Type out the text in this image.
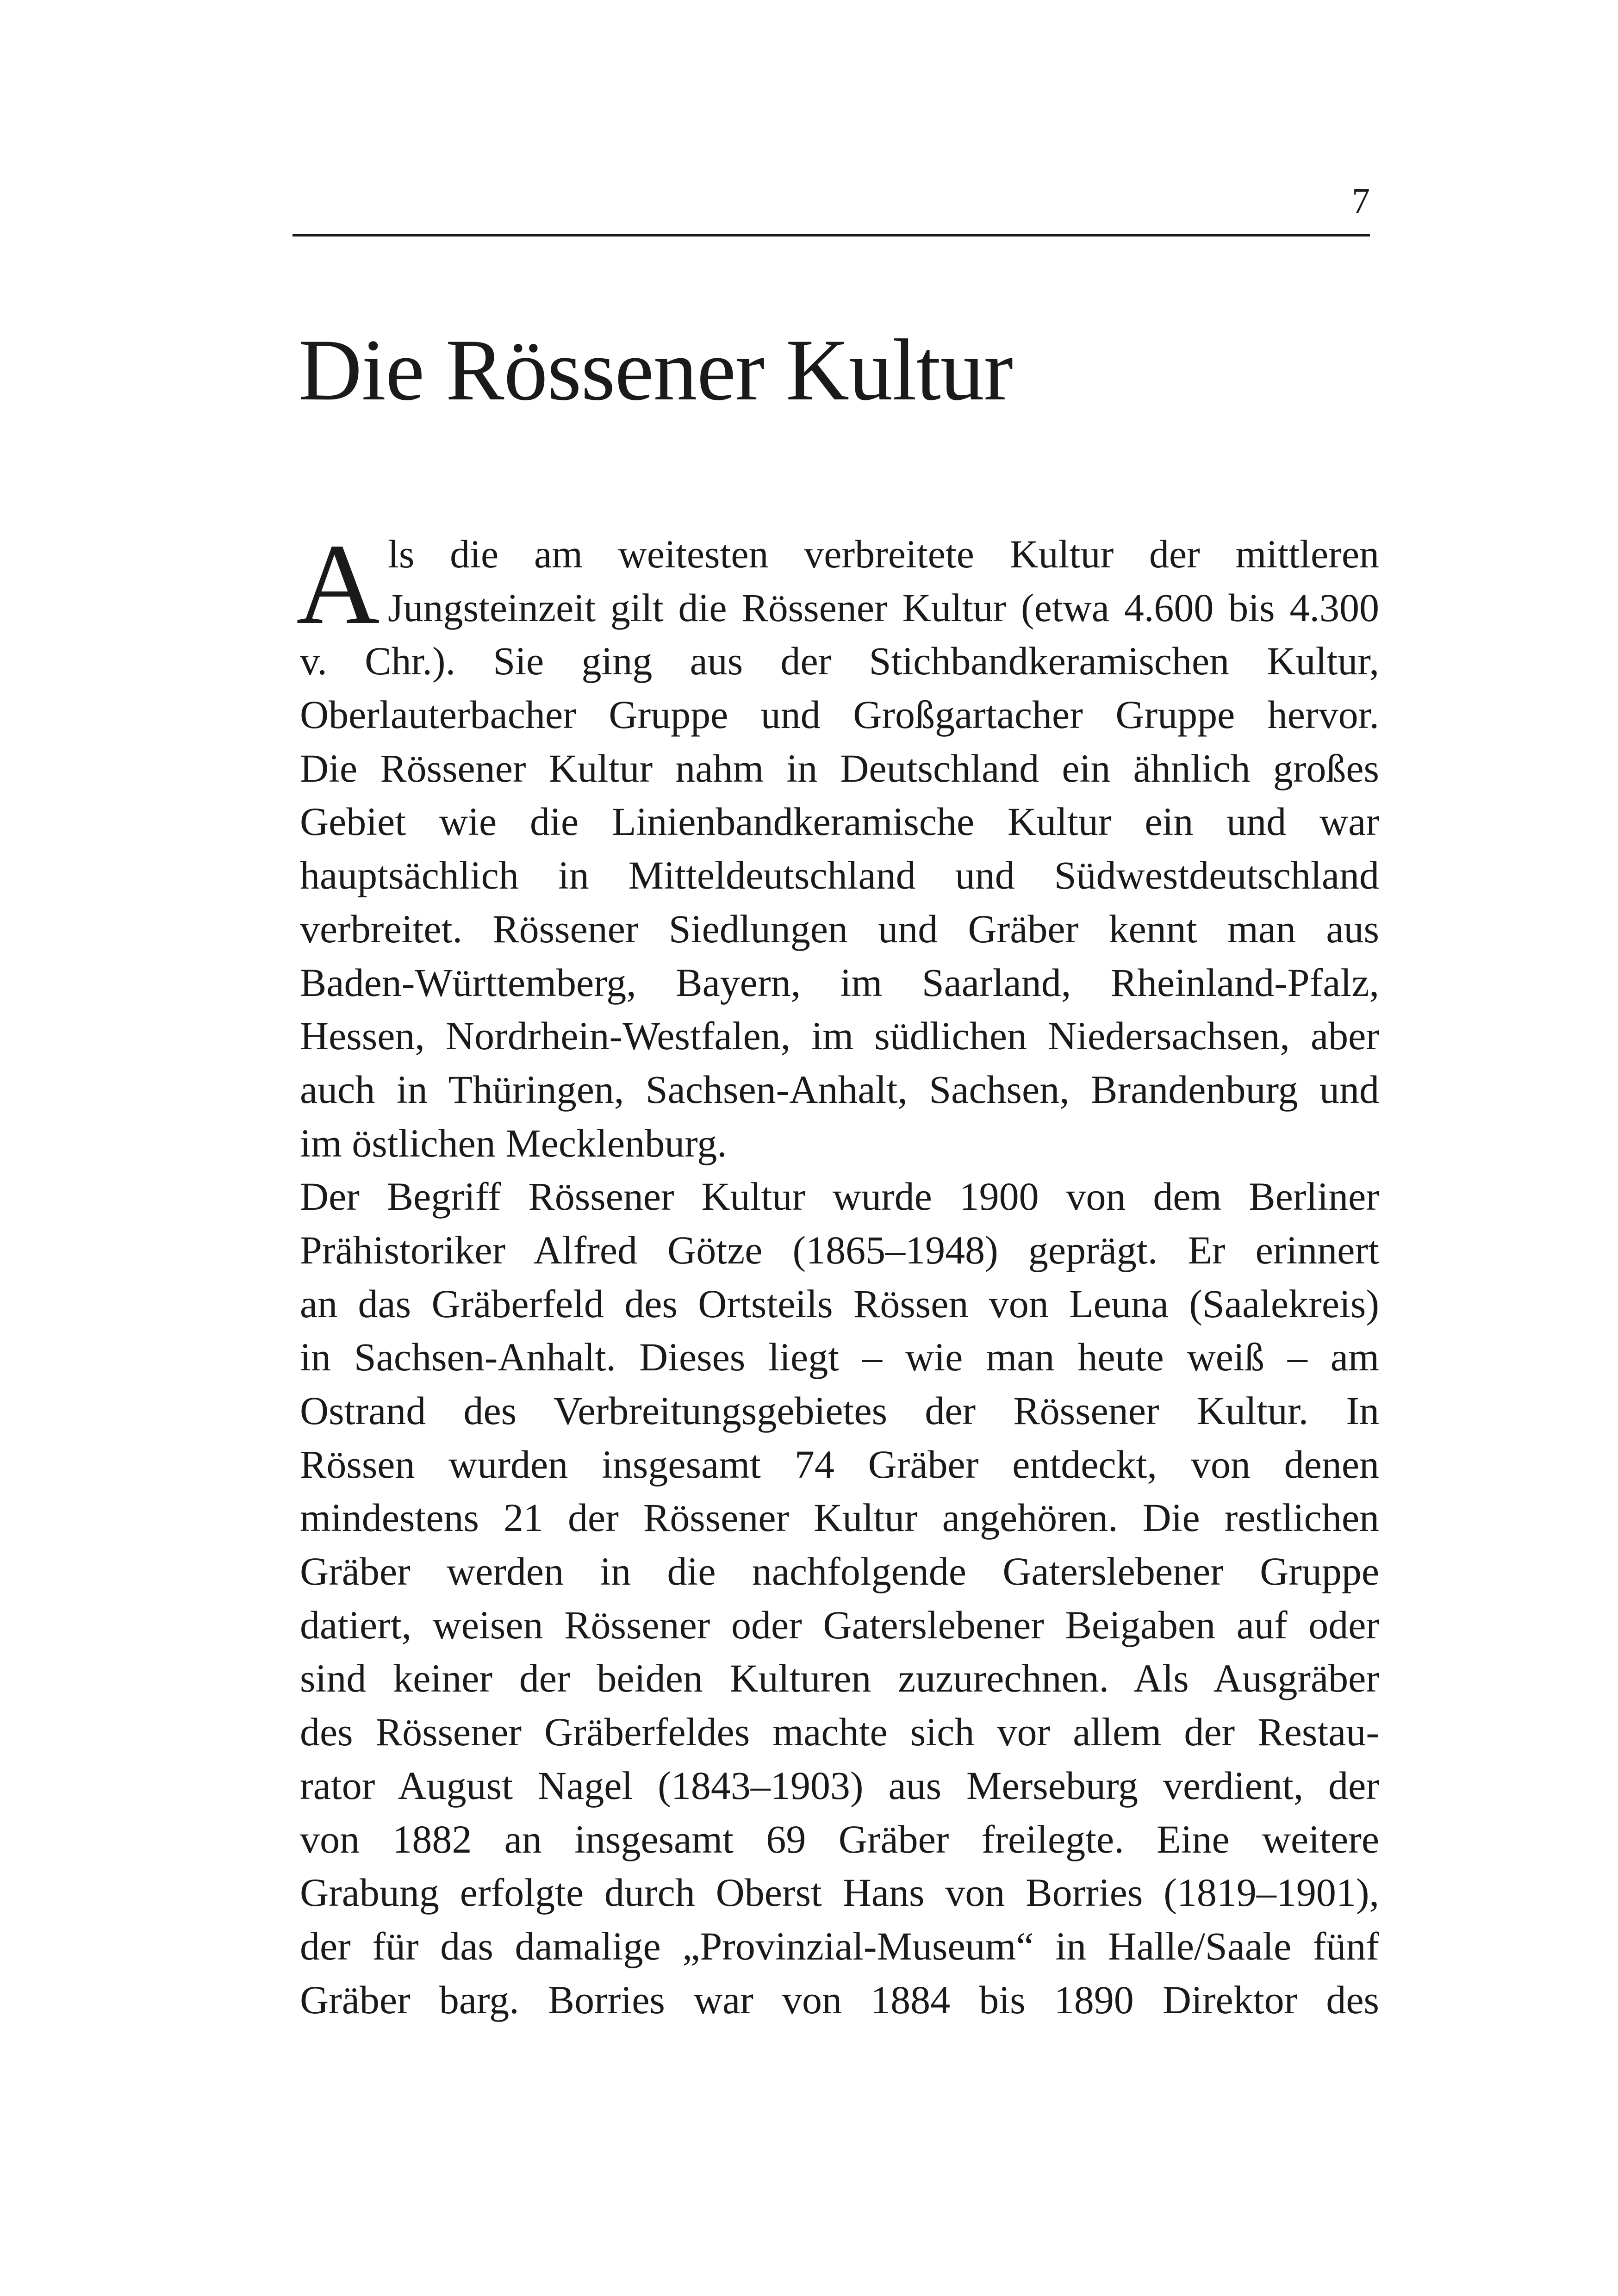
7
Die Rössener Kultur
A ls die am weitesten verbreitete Kultur der mittleren
Jungsteinzeit gilt die Rössener Kultur (etwa 4.600 bis 4.300
v. Chr.). Sie ging aus der Stichbandkeramischen Kultur,
Oberlauterbacher Gruppe und Großgartacher Gruppe hervor.
Die Rössener Kultur nahm in Deutschland ein ähnlich großes
Gebiet wie die Linienbandkeramische Kultur ein und war
hauptsächlich in Mitteldeutschland und Südwestdeutschland
verbreitet. Rössener Siedlungen und Gräber kennt man aus
Baden-Württemberg, Bayern, im Saarland, Rheinland-Pfalz,
Hessen, Nordrhein-Westfalen, im südlichen Niedersachsen, aber
auch in Thüringen, Sachsen-Anhalt, Sachsen, Brandenburg und
im östlichen Mecklenburg.
Der Begriff Rössener Kultur wurde 1900 von dem Berliner
Prähistoriker Alfred Götze (1865–1948) geprägt. Er erinnert
an das Gräberfeld des Ortsteils Rössen von Leuna (Saalekreis)
in Sachsen-Anhalt. Dieses liegt – wie man heute weiß – am
Ostrand des Verbreitungsgebietes der Rössener Kultur. In
Rössen wurden insgesamt 74 Gräber entdeckt, von denen
mindestens 21 der Rössener Kultur angehören. Die restlichen
Gräber werden in die nachfolgende Gaterslebener Gruppe
datiert, weisen Rössener oder Gaterslebener Beigaben auf oder
sind keiner der beiden Kulturen zuzurechnen. Als Ausgräber
des Rössener Gräberfeldes machte sich vor allem der Restau-
rator August Nagel (1843–1903) aus Merseburg verdient, der
von 1882 an insgesamt 69 Gräber freilegte. Eine weitere
Grabung erfolgte durch Oberst Hans von Borries (1819–1901),
der für das damalige „Provinzial-Museum“ in Halle/Saale fünf
Gräber barg. Borries war von 1884 bis 1890 Direktor des
